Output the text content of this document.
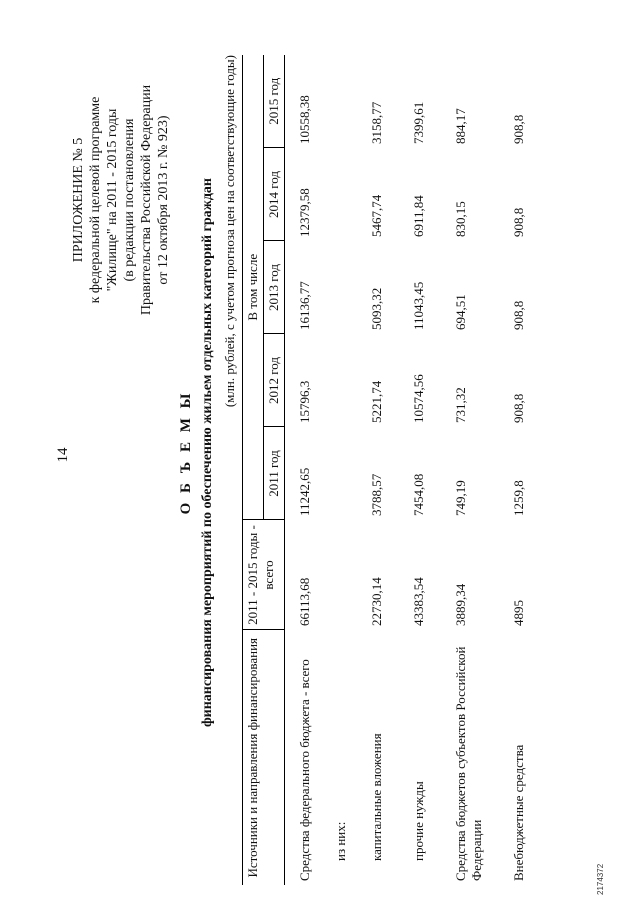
14
ПРИЛОЖЕНИЕ № 5 к федеральной целевой программе "Жилище" на 2011 - 2015 годы (в редакции постановления Правительства Российской Федерации от 12 октября 2013 г. № 923)
О Б Ъ Е М Ы финансирования мероприятий по обеспечению жильем отдельных категорий граждан (млн. рублей, с учетом прогноза цен на соответствующие годы)
Источники и направления финансирования	2011 - 2015 годы - всего	В том числе				
		2011 год	2012 год	2013 год	2014 год	2015 год
Средства федерального бюджета - всего	66113,68	11242,65	15796,3	16136,77	12379,58	10558,38
из них:						
капитальные вложения	22730,14	3788,57	5221,74	5093,32	5467,74	3158,77
прочие нужды	43383,54	7454,08	10574,56	11043,45	6911,84	7399,61
Средства бюджетов субъектов Российской Федерации	3889,34	749,19	731,32	694,51	830,15	884,17
Внебюджетные средства	4895	1259,8	908,8	908,8	908,8	908,8
2174372
